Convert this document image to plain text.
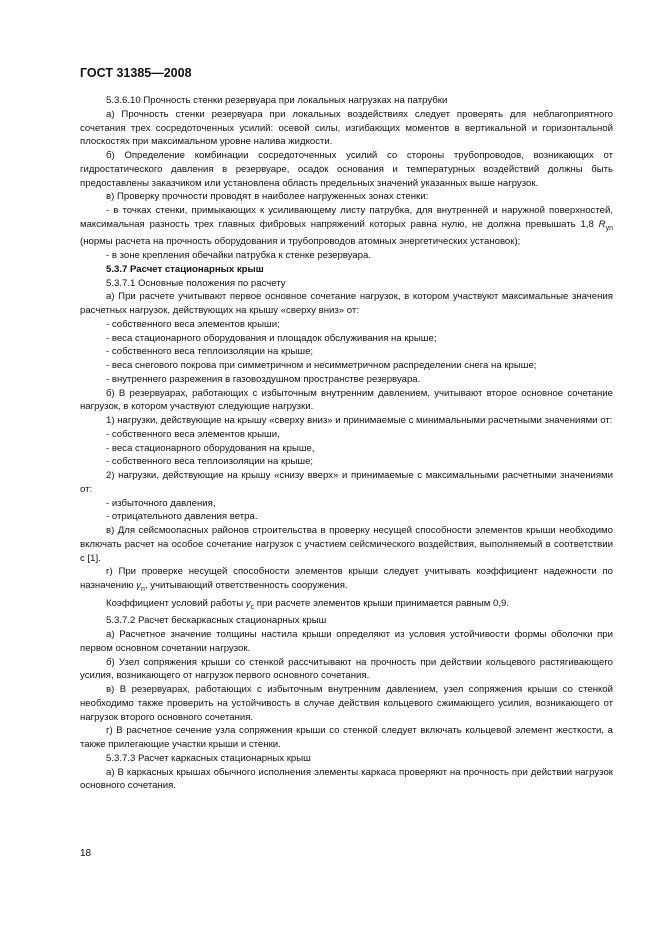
ГОСТ 31385—2008

5.3.6.10 Прочность стенки резервуара при локальных нагрузках на патрубки

а) Прочность стенки резервуара при локальных воздействиях следует проверять для неблагоприятного сочетания трех сосредоточенных усилий: осевой силы, изгибающих моментов в вертикальной и горизонтальной плоскостях при максимальном уровне налива жидкости.

б) Определение комбинации сосредоточенных усилий со стороны трубопроводов, возникающих от гидростатического давления в резервуаре, осадок основания и температурных воздействий должны быть предоставлены заказчиком или установлена область предельных значений указанных выше нагрузок.

в) Проверку прочности проводят в наиболее нагруженных зонах стенки:

- в точках стенки, примыкающих к усиливающему листу патрубка, для внутренней и наружной поверхностей, максимальная разность трех главных фибровых напряжений которых равна нулю, не должна превышать 1,8 $R_{yn}$ (нормы расчета на прочность оборудования и трубопроводов атомных энергетических установок);

- в зоне крепления обечайки патрубка к стенке резервуара.

5.3.7 Расчет стационарных крыш

5.3.7.1 Основные положения по расчету

а) При расчете учитывают первое основное сочетание нагрузок, в котором участвуют максимальные значения расчетных нагрузок, действующих на крышу «сверху вниз» от:

- собственного веса элементов крыши;

- веса стационарного оборудования и площадок обслуживания на крыше;

- собственного веса теплоизоляции на крыше;

- веса снегового покрова при симметричном и несимметричном распределении снега на крыше;

- внутреннего разрежения в газовоздушном пространстве резервуара.

б) В резервуарах, работающих с избыточным внутренним давлением, учитывают второе основное сочетание нагрузок, в котором участвуют следующие нагрузки.

1) нагрузки, действующие на крышу «сверху вниз» и принимаемые с минимальными расчетными значениями от:

- собственного веса элементов крыши,

- веса стационарного оборудования на крыше,

- собственного веса теплоизоляции на крыше;

2) нагрузки, действующие на крышу «снизу вверх» и принимаемые с максимальными расчетными значениями от:

- избыточного давления,

- отрицательного давления ветра.

в) Для сейсмоопасных районов строительства в проверку несущей способности элементов крыши необходимо включать расчет на особое сочетание нагрузок с участием сейсмического воздействия, выполняемый в соответствии с [1].

г) При проверке несущей способности элементов крыши следует учитывать коэффициент надежности по назначению $\gamma_n$, учитывающий ответственность сооружения.

Коэффициент условий работы $\gamma_c$ при расчете элементов крыши принимается равным 0,9.

5.3.7.2 Расчет бескаркасных стационарных крыш

а) Расчетное значение толщины настила крыши определяют из условия устойчивости формы оболочки при первом основном сочетании нагрузок.

б) Узел сопряжения крыши со стенкой рассчитывают на прочность при действии кольцевого растягивающего усилия, возникающего от нагрузок первого основного сочетания.

в) В резервуарах, работающих с избыточным внутренним давлением, узел сопряжения крыши со стенкой необходимо также проверить на устойчивость в случае действия кольцевого сжимающего усилия, возникающего от нагрузок второго основного сочетания.

г) В расчетное сечение узла сопряжения крыши со стенкой следует включать кольцевой элемент жесткости, а также прилегающие участки крыши и стенки.

5.3.7.3 Расчет каркасных стационарных крыш

а) В каркасных крышах обычного исполнения элементы каркаса проверяют на прочность при действии нагрузок основного сочетания.

18
